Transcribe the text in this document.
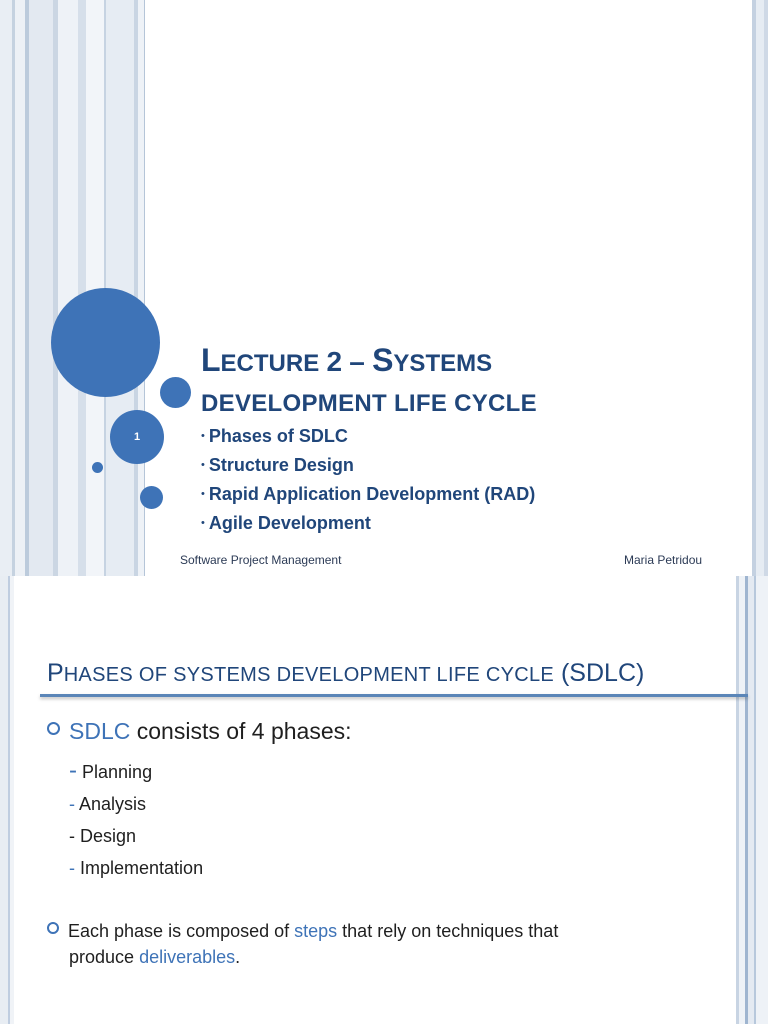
1
LECTURE 2 – SYSTEMS
DEVELOPMENT LIFE CYCLE
• Phases of SDLC
• Structure Design
• Rapid Application Development (RAD)
• Agile Development
Software Project Management	Maria Petridou
PHASES OF SYSTEMS DEVELOPMENT LIFE CYCLE (SDLC)
SDLC consists of 4 phases:
- Planning
- Analysis
- Design
- Implementation
Each phase is composed of steps that rely on techniques that
produce deliverables.
